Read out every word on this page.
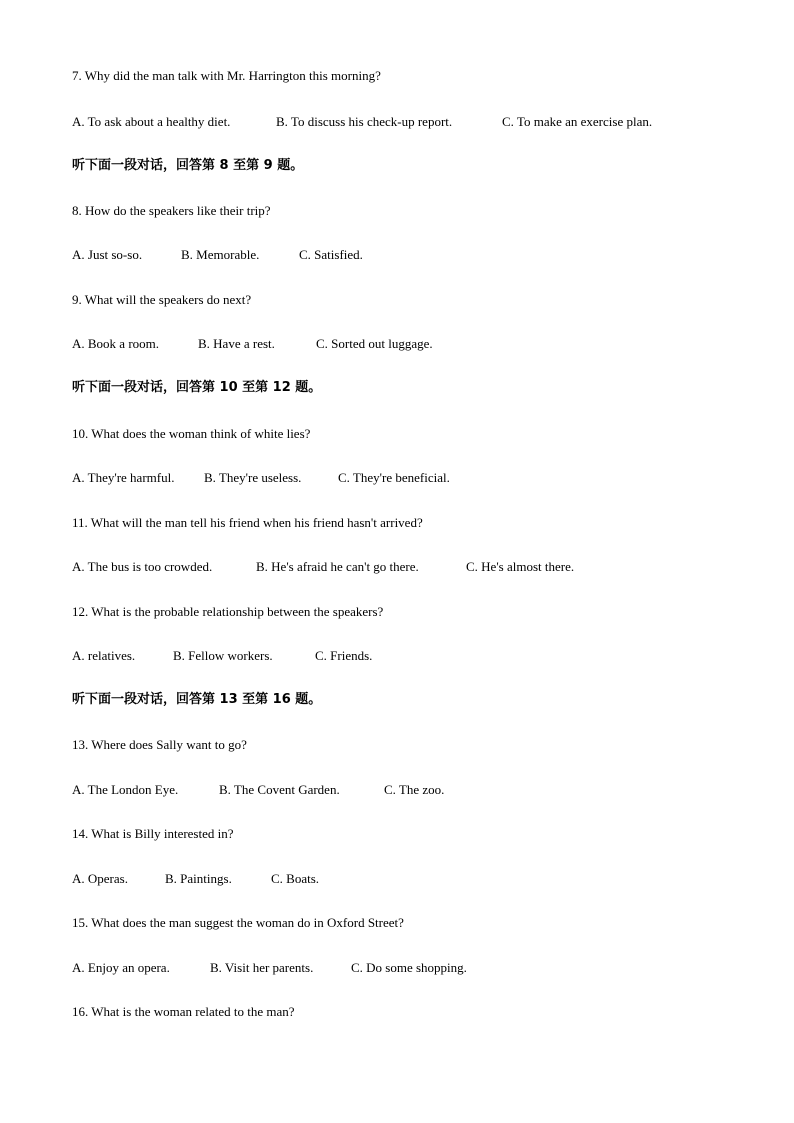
7. Why did the man talk with Mr. Harrington this morning?
A. To ask about a healthy diet.	B. To discuss his check-up report.	C. To make an exercise plan.
听下面一段对话，回答第 8 至第 9 题。
8. How do the speakers like their trip?
A. Just so-so.	B. Memorable.	C. Satisfied.
9. What will the speakers do next?
A. Book a room.	B. Have a rest.	C. Sorted out luggage.
听下面一段对话，回答第 10 至第 12 题。
10. What does the woman think of white lies?
A. They're harmful. B. They're useless.	C. They're beneficial.
11. What will the man tell his friend when his friend hasn't arrived?
A. The bus is too crowded.	B. He's afraid he can't go there.	C. He's almost there.
12. What is the probable relationship between the speakers?
A. relatives.	B. Fellow workers.	C. Friends.
听下面一段对话，回答第 13 至第 16 题。
13. Where does Sally want to go?
A. The London Eye.	B. The Covent Garden.	C. The zoo.
14. What is Billy interested in?
A. Operas.	B. Paintings.	C. Boats.
15. What does the man suggest the woman do in Oxford Street?
A. Enjoy an opera.	B. Visit her parents.	C. Do some shopping.
16. What is the woman related to the man?
